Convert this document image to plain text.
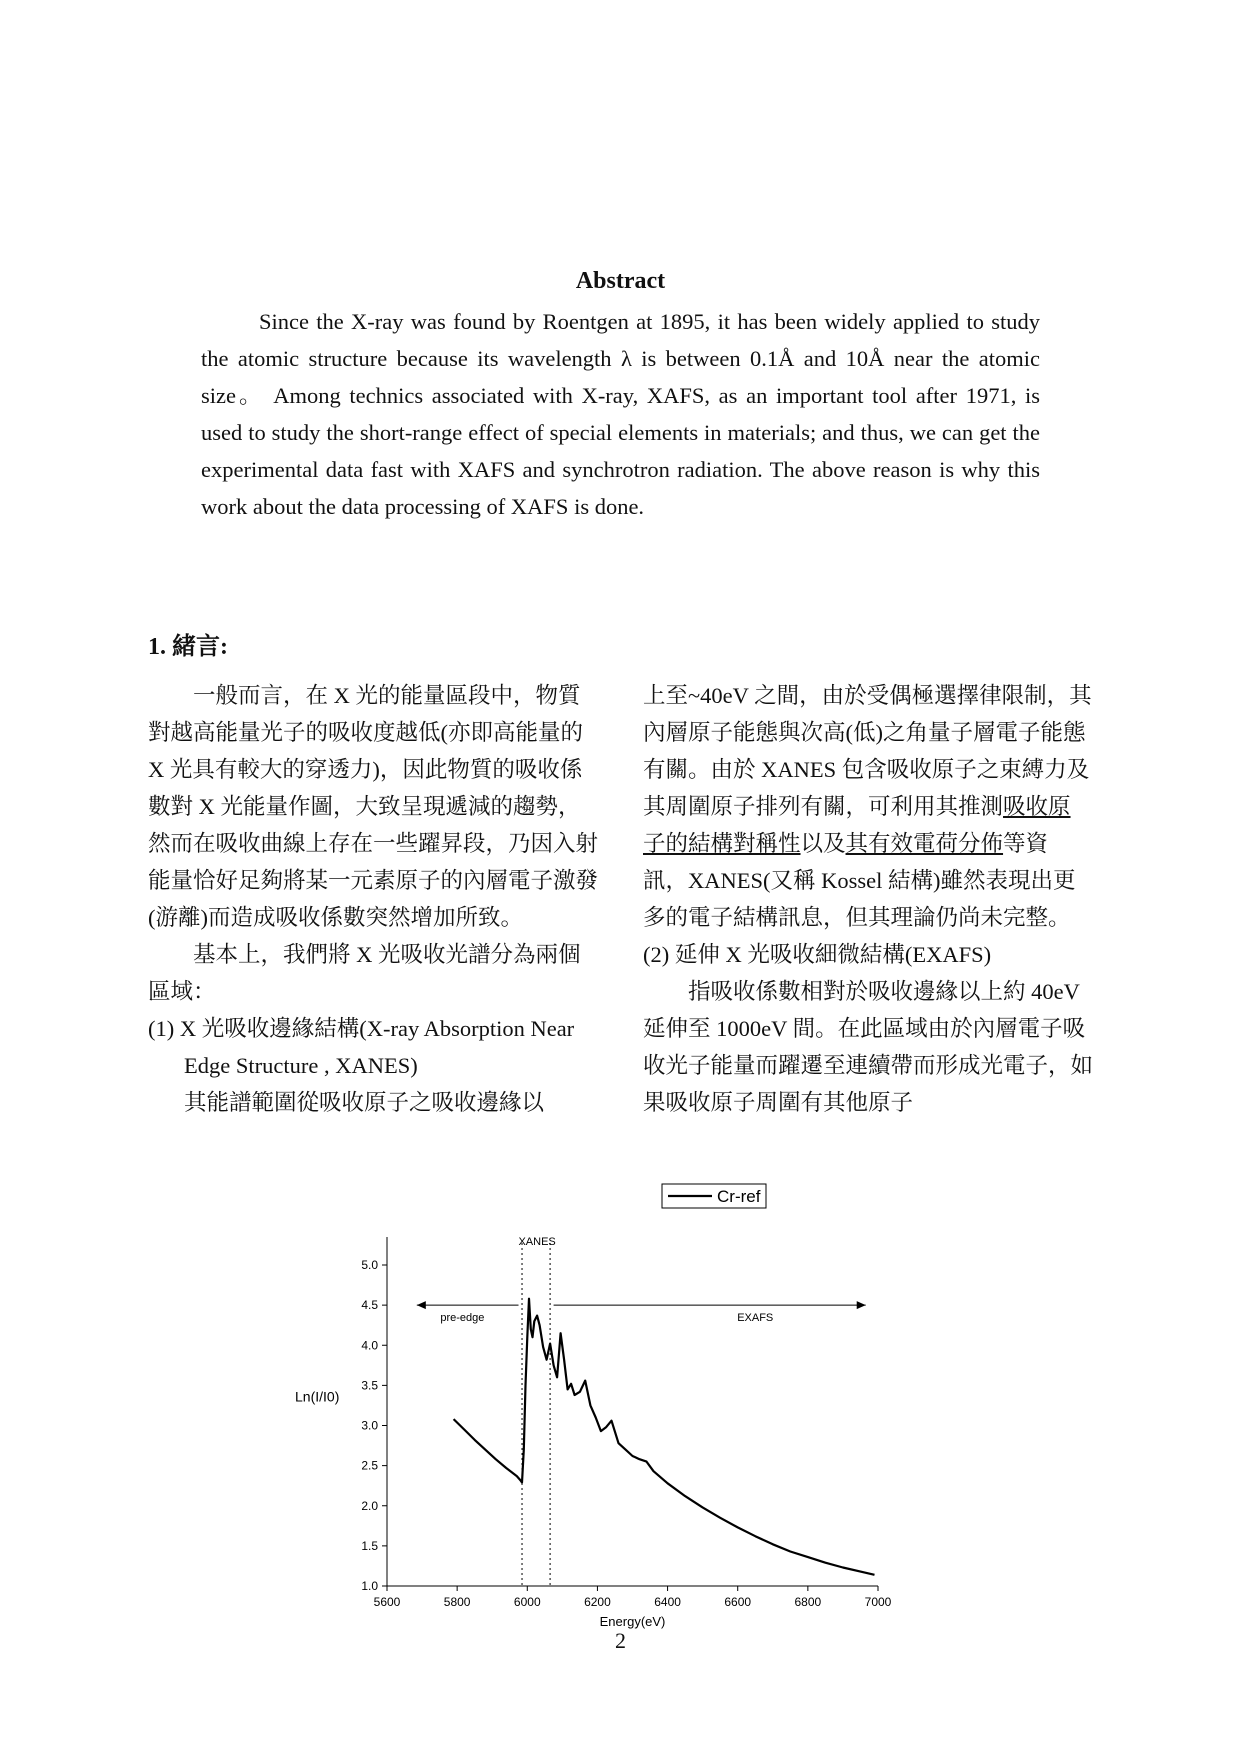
Abstract
Since the X-ray was found by Roentgen at 1895, it has been widely applied to study the atomic structure because its wavelength λ is between 0.1Å and 10Å near the atomic size。 Among technics associated with X-ray, XAFS, as an important tool after 1971, is used to study the short-range effect of special elements in materials; and thus, we can get the experimental data fast with XAFS and synchrotron radiation. The above reason is why this work about the data processing of XAFS is done.
1. 緒言:

一般而言，在 X 光的能量區段中，物質對越高能量光子的吸收度越低(亦即高能量的 X 光具有較大的穿透力)，因此物質的吸收係數對 X 光能量作圖，大致呈現遞減的趨勢，然而在吸收曲線上存在一些躍昇段，乃因入射能量恰好足夠將某一元素原子的內層電子激發(游離)而造成吸收係數突然增加所致。

基本上，我們將 X 光吸收光譜分為兩個區域：

(1) X 光吸收邊緣結構(X-ray Absorption Near Edge Structure , XANES)

其能譜範圍從吸收原子之吸收邊緣以

上至~40eV 之間，由於受偶極選擇律限制，其內層原子能態與次高(低)之角量子層電子能態有關。由於 XANES 包含吸收原子之束縛力及其周圍原子排列有關，可利用其推測吸收原子的結構對稱性以及其有效電荷分佈等資訊，XANES(又稱 Kossel 結構)雖然表現出更多的電子結構訊息，但其理論仍尚未完整。

(2) 延伸 X 光吸收細微結構(EXAFS)

指吸收係數相對於吸收邊緣以上約 40eV 延伸至 1000eV 間。在此區域由於內層電子吸收光子能量而躍遷至連續帶而形成光電子，如果吸收原子周圍有其他原子

5600	5800	6000	6200	6400	6600	6800	7000
1.0
1.5
2.0
2.5
3.0
3.5
4.0
4.5
5.0
Energy(eV)
Ln(I/I0)
XANES
pre-edge	EXAFS
Cr-ref
2
